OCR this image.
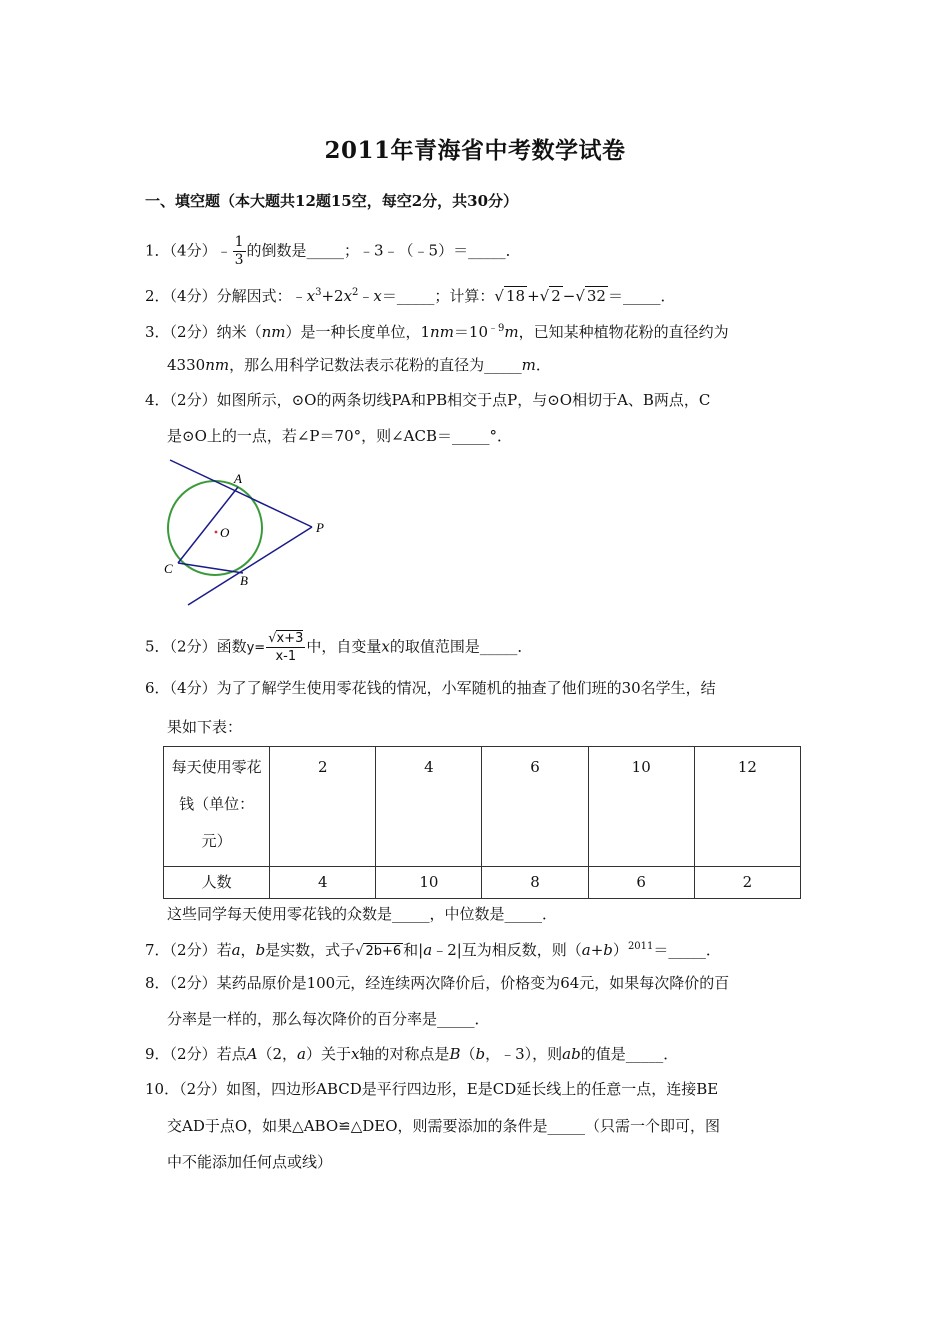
2011年青海省中考数学试卷
一、填空题（本大题共12题15空，每空2分，共30分）
1．（4分）﹣ $\frac{1}{3}$ 的倒数是_____；﹣3﹣（﹣5）＝_____．
2．（4分）分解因式：$﹣x^3+2x^2﹣x=\_\_\_\_\_$；计算：√ 18 +√ 2 −√ 32 ＝_____．
3．（2分）纳米（nm）是一种长度单位，$1nm=10^{﹣9}m$，已知某种植物花粉的直径约为
4330nm，那么用科学记数法表示花粉的直径为_____m．
4．（2分）如图所示，⊙O的两条切线PA和PB相交于点P，与⊙O相切于A、B两点，C
是⊙O上的一点，若∠P＝70°，则∠ACB＝_____°．
A
O	P
C
B
5．（2分）函数$y= \frac{√x+3}{x-1}$ 中，自变量x的取值范围是_____．
6．（4分）为了了解学生使用零花钱的情况，小军随机的抽查了他们班的30名学生，结
果如下表：
每天使用零花
钱（单位：
元）	2	4	6	10	12
人数	4	10	8	6	2
这些同学每天使用零花钱的众数是_____，中位数是_____．
7．（2分）若a，b是实数，式子√ 2b+6 和|a﹣2|互为相反数，则$(a+b)^{2011}=\_\_\_\_\_$．
8．（2分）某药品原价是100元，经连续两次降价后，价格变为64元，如果每次降价的百
分率是一样的，那么每次降价的百分率是_____．
9．（2分）若点A（2，a）关于x轴的对称点是B（b，﹣3），则ab的值是_____．
10．（2分）如图，四边形ABCD是平行四边形，E是CD延长线上的任意一点，连接BE
交AD于点O，如果△ABO≌△DEO，则需要添加的条件是_____（只需一个即可，图
中不能添加任何点或线）
